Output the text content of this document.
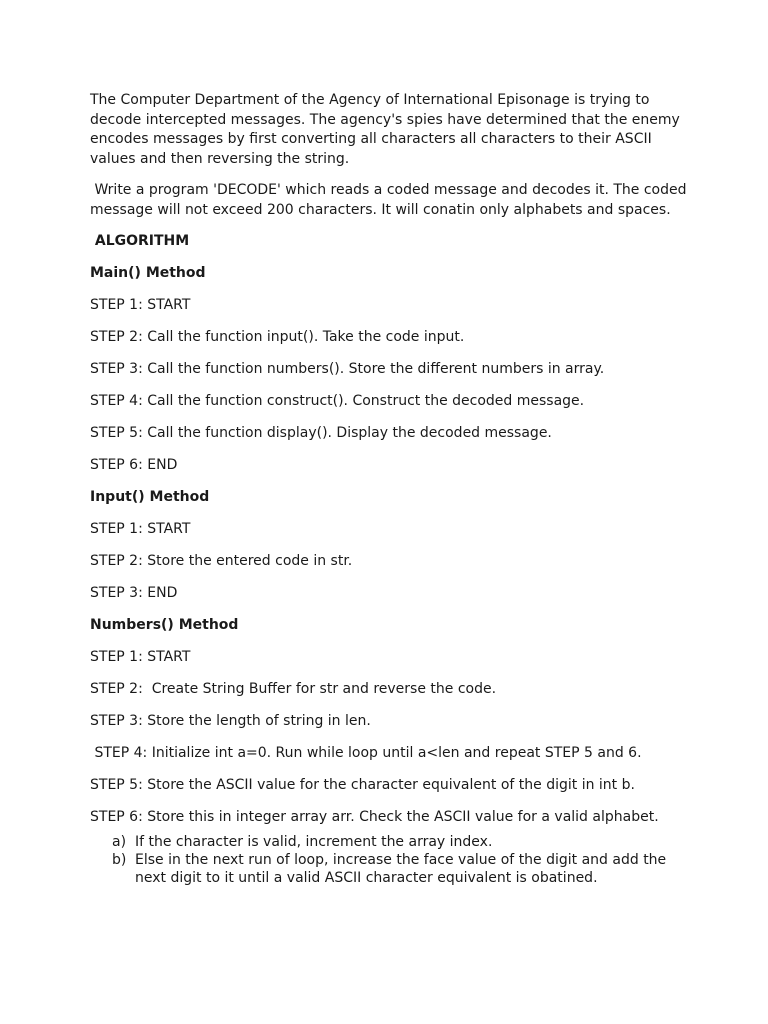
The Computer Department of the Agency of International Episonage is trying to decode intercepted messages. The agency's spies have determined that the enemy encodes messages by first converting all characters all characters to their ASCII values and then reversing the string.

Write a program 'DECODE' which reads a coded message and decodes it. The coded message will not exceed 200 characters. It will conatin only alphabets and spaces.

ALGORITHM

Main() Method

STEP 1: START

STEP 2: Call the function input(). Take the code input.

STEP 3: Call the function numbers(). Store the different numbers in array.

STEP 4: Call the function construct(). Construct the decoded message.

STEP 5: Call the function display(). Display the decoded message.

STEP 6: END

Input() Method

STEP 1: START

STEP 2: Store the entered code in str.

STEP 3: END

Numbers() Method

STEP 1: START

STEP 2:  Create String Buffer for str and reverse the code.

STEP 3: Store the length of string in len.

STEP 4: Initialize int a=0. Run while loop until a<len and repeat STEP 5 and 6.

STEP 5: Store the ASCII value for the character equivalent of the digit in int b.

STEP 6: Store this in integer array arr. Check the ASCII value for a valid alphabet.

a) If the character is valid, increment the array index.
b) Else in the next run of loop, increase the face value of the digit and add the next digit to it until a valid ASCII character equivalent is obatined.
